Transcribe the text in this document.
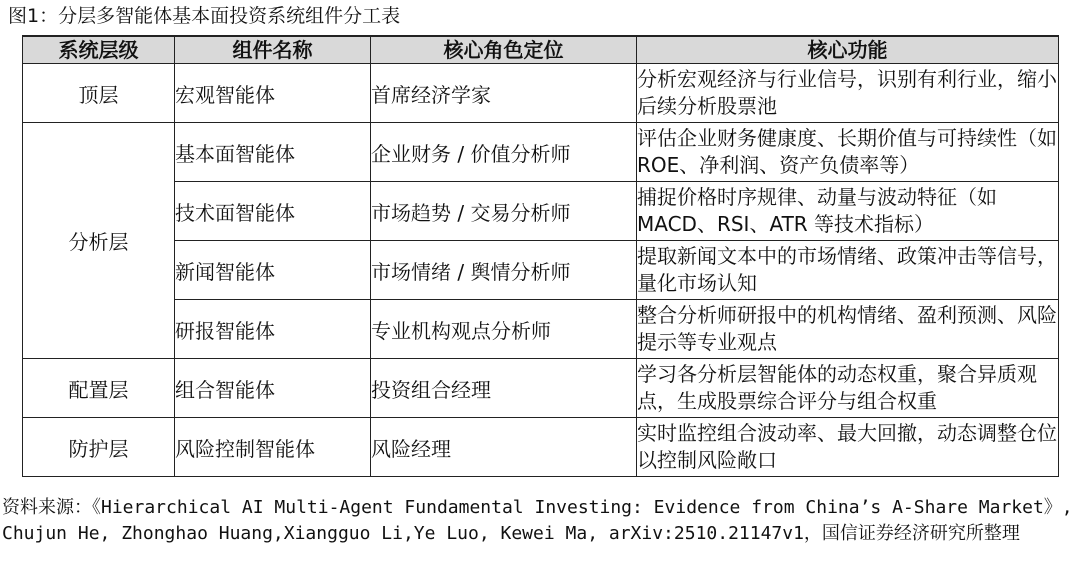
图1：分层多智能体基本面投资系统组件分工表
系统层级	组件名称	核心角色定位	核心功能
顶层	宏观智能体	首席经济学家	分析宏观经济与行业信号，识别有利行业，缩小后续分析股票池
分析层	基本面智能体	企业财务 / 价值分析师	评估企业财务健康度、长期价值与可持续性（如 ROE、净利润、资产负债率等）
	技术面智能体	市场趋势 / 交易分析师	捕捉价格时序规律、动量与波动特征（如 MACD、RSI、ATR 等技术指标）
	新闻智能体	市场情绪 / 舆情分析师	提取新闻文本中的市场情绪、政策冲击等信号，量化市场认知
	研报智能体	专业机构观点分析师	整合分析师研报中的机构情绪、盈利预测、风险提示等专业观点
配置层	组合智能体	投资组合经理	学习各分析层智能体的动态权重，聚合异质观点，生成股票综合评分与组合权重
防护层	风险控制智能体	风险经理	实时监控组合波动率、最大回撤，动态调整仓位以控制风险敞口
资料来源：《Hierarchical AI Multi-Agent Fundamental Investing: Evidence from China’s A-Share Market》, Chujun He, Zhonghao Huang,Xiangguo Li,Ye Luo, Kewei Ma, arXiv:2510.21147v1，国信证券经济研究所整理
